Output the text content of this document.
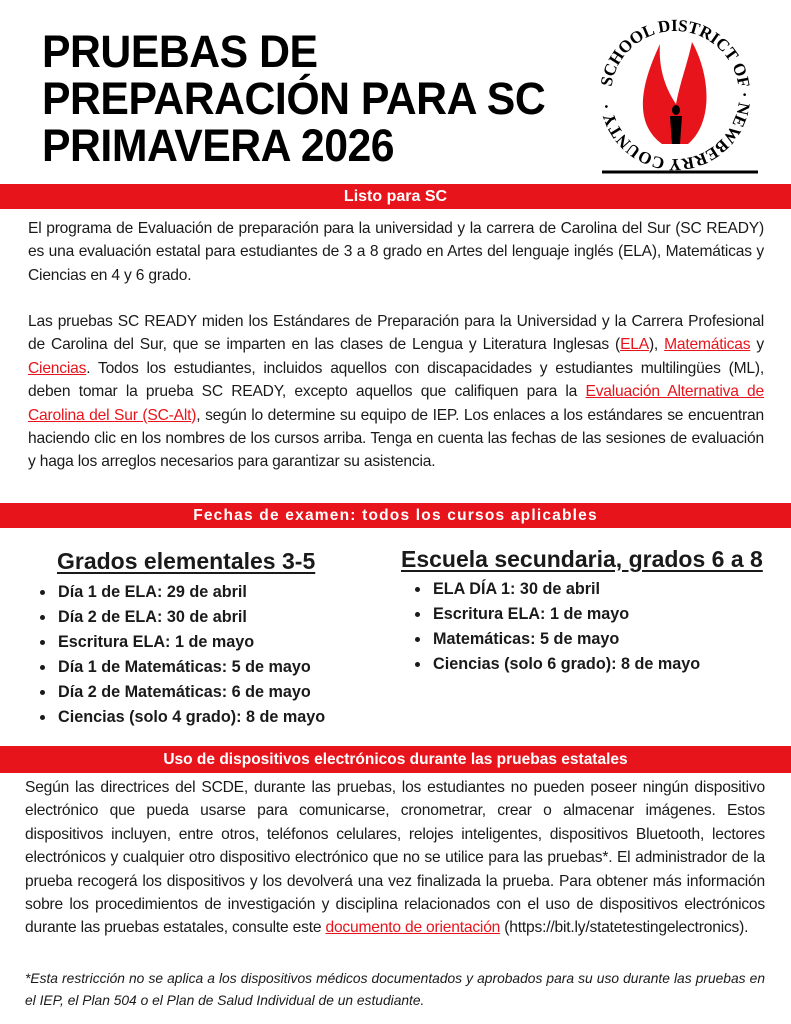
PRUEBAS DE
PREPARACIÓN PARA SC
PRIMAVERA 2026
SCHOOL DISTRICT OF · NEWBERRY COUNTY ·
Listo para SC
El programa de Evaluación de preparación para la universidad y la carrera de Carolina del Sur (SC READY) es una evaluación estatal para estudiantes de 3 a 8 grado en Artes del lenguaje inglés (ELA), Matemáticas y Ciencias en 4 y 6 grado.
Las pruebas SC READY miden los Estándares de Preparación para la Universidad y la Carrera Profesional de Carolina del Sur, que se imparten en las clases de Lengua y Literatura Inglesas (ELA), Matemáticas y Ciencias. Todos los estudiantes, incluidos aquellos con discapacidades y estudiantes multilingües (ML), deben tomar la prueba SC READY, excepto aquellos que califiquen para la Evaluación Alternativa de Carolina del Sur (SC-Alt), según lo determine su equipo de IEP. Los enlaces a los estándares se encuentran haciendo clic en los nombres de los cursos arriba. Tenga en cuenta las fechas de las sesiones de evaluación y haga los arreglos necesarios para garantizar su asistencia.
Fechas de examen: todos los cursos aplicables
Grados elementales 3-5
• Día 1 de ELA: 29 de abril
• Día 2 de ELA: 30 de abril
• Escritura ELA: 1 de mayo
• Día 1 de Matemáticas: 5 de mayo
• Día 2 de Matemáticas: 6 de mayo
• Ciencias (solo 4 grado): 8 de mayo
Escuela secundaria, grados 6 a 8
• ELA DÍA 1: 30 de abril
• Escritura ELA: 1 de mayo
• Matemáticas: 5 de mayo
• Ciencias (solo 6 grado): 8 de mayo
Uso de dispositivos electrónicos durante las pruebas estatales
Según las directrices del SCDE, durante las pruebas, los estudiantes no pueden poseer ningún dispositivo electrónico que pueda usarse para comunicarse, cronometrar, crear o almacenar imágenes. Estos dispositivos incluyen, entre otros, teléfonos celulares, relojes inteligentes, dispositivos Bluetooth, lectores electrónicos y cualquier otro dispositivo electrónico que no se utilice para las pruebas*. El administrador de la prueba recogerá los dispositivos y los devolverá una vez finalizada la prueba. Para obtener más información sobre los procedimientos de investigación y disciplina relacionados con el uso de dispositivos electrónicos durante las pruebas estatales, consulte este documento de orientación (https://bit.ly/statetestingelectronics).
*Esta restricción no se aplica a los dispositivos médicos documentados y aprobados para su uso durante las pruebas en el IEP, el Plan 504 o el Plan de Salud Individual de un estudiante.
